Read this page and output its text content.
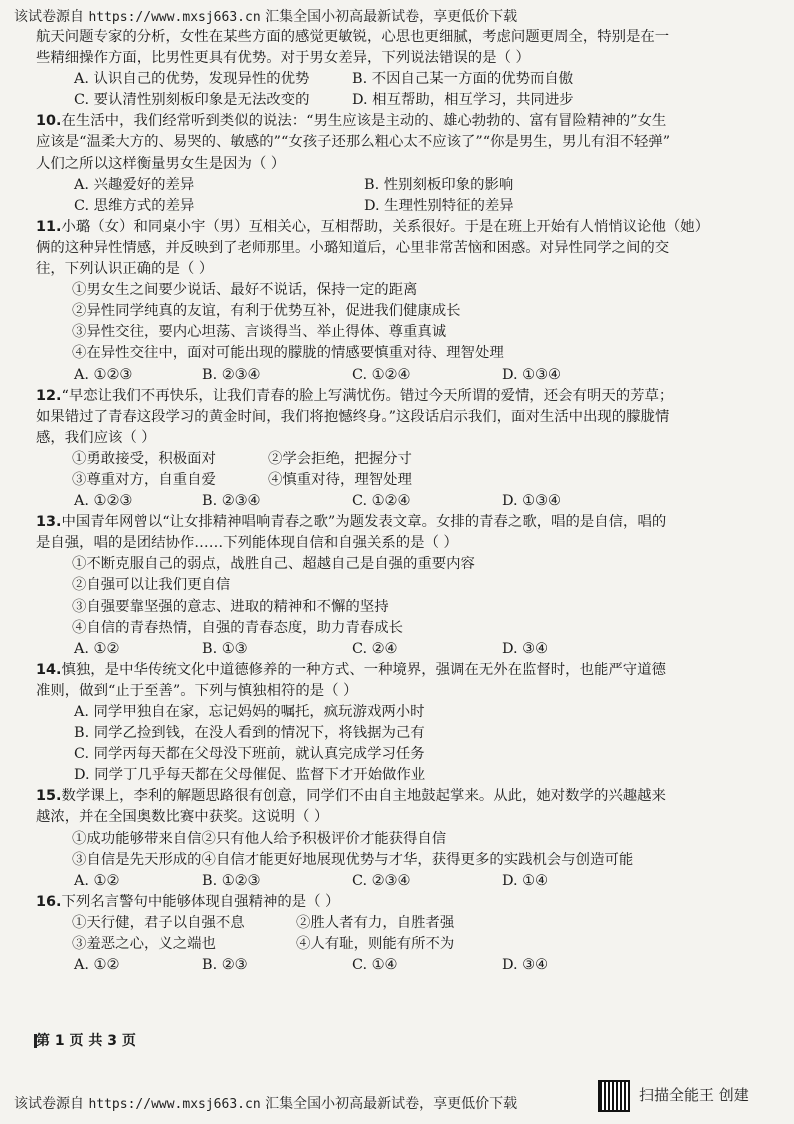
该试卷源自 https://www.mxsj663.cn 汇集全国小初高最新试卷，享更低价下载
航天问题专家的分析，女性在某些方面的感觉更敏锐，心思也更细腻，考虑问题更周全，特别是在一
些精细操作方面，比男性更具有优势。对于男女差异，下列说法错误的是（ ）
A. 认识自己的优势，发现异性的优势	B. 不因自己某一方面的优势而自傲
C. 要认清性别刻板印象是无法改变的	D. 相互帮助，相互学习，共同进步
10.在生活中，我们经常听到类似的说法：“男生应该是主动的、雄心勃勃的、富有冒险精神的”女生
应该是“温柔大方的、易哭的、敏感的”“女孩子还那么粗心太不应该了”“你是男生，男儿有泪不轻弹”
人们之所以这样衡量男女生是因为（ ）
A. 兴趣爱好的差异	B. 性别刻板印象的影响
C. 思维方式的差异	D. 生理性别特征的差异
11.小璐（女）和同桌小宇（男）互相关心，互相帮助，关系很好。于是在班上开始有人悄悄议论他（她）
俩的这种异性情感，并反映到了老师那里。小璐知道后，心里非常苦恼和困惑。对异性同学之间的交
往，下列认识正确的是（ ）
①男女生之间要少说话、最好不说话，保持一定的距离
②异性同学纯真的友谊，有利于优势互补，促进我们健康成长
③异性交往，要内心坦荡、言谈得当、举止得体、尊重真诚
④在异性交往中，面对可能出现的朦胧的情感要慎重对待、理智处理
A. ①②③	B. ②③④	C. ①②④	D. ①③④
12.“早恋让我们不再快乐，让我们青春的脸上写满忧伤。错过今天所谓的爱情，还会有明天的芳草；
如果错过了青春这段学习的黄金时间，我们将抱憾终身。”这段话启示我们，面对生活中出现的朦胧情
感，我们应该（ ）
①勇敢接受，积极面对	②学会拒绝，把握分寸
③尊重对方，自重自爱	④慎重对待，理智处理
A. ①②③	B. ②③④	C. ①②④	D. ①③④
13.中国青年网曾以“让女排精神唱响青春之歌”为题发表文章。女排的青春之歌，唱的是自信，唱的
是自强，唱的是团结协作……下列能体现自信和自强关系的是（ ）
①不断克服自己的弱点，战胜自己、超越自己是自强的重要内容
②自强可以让我们更自信
③自强要靠坚强的意志、进取的精神和不懈的坚持
④自信的青春热情，自强的青春态度，助力青春成长
A. ①②	B. ①③	C. ②④	D. ③④
14.慎独，是中华传统文化中道德修养的一种方式、一种境界，强调在无外在监督时，也能严守道德
准则，做到“止于至善”。下列与慎独相符的是（ ）
A. 同学甲独自在家，忘记妈妈的嘱托，疯玩游戏两小时
B. 同学乙捡到钱，在没人看到的情况下，将钱据为己有
C. 同学丙每天都在父母没下班前，就认真完成学习任务
D. 同学丁几乎每天都在父母催促、监督下才开始做作业
15.数学课上，李利的解题思路很有创意，同学们不由自主地鼓起掌来。从此，她对数学的兴趣越来
越浓，并在全国奥数比赛中获奖。这说明（ ）
①成功能够带来自信②只有他人给予积极评价才能获得自信
③自信是先天形成的④自信才能更好地展现优势与才华，获得更多的实践机会与创造可能
A. ①②	B. ①②③	C. ②③④	D. ①④
16.下列名言警句中能够体现自强精神的是（ ）
①天行健，君子以自强不息	②胜人者有力，自胜者强
③羞恶之心，义之端也	④人有耻，则能有所不为
A. ①②	B. ②③	C. ①④	D. ③④
第 1 页 共 3 页
该试卷源自 https://www.mxsj663.cn 汇集全国小初高最新试卷，享更低价下载	扫描全能王 创建
